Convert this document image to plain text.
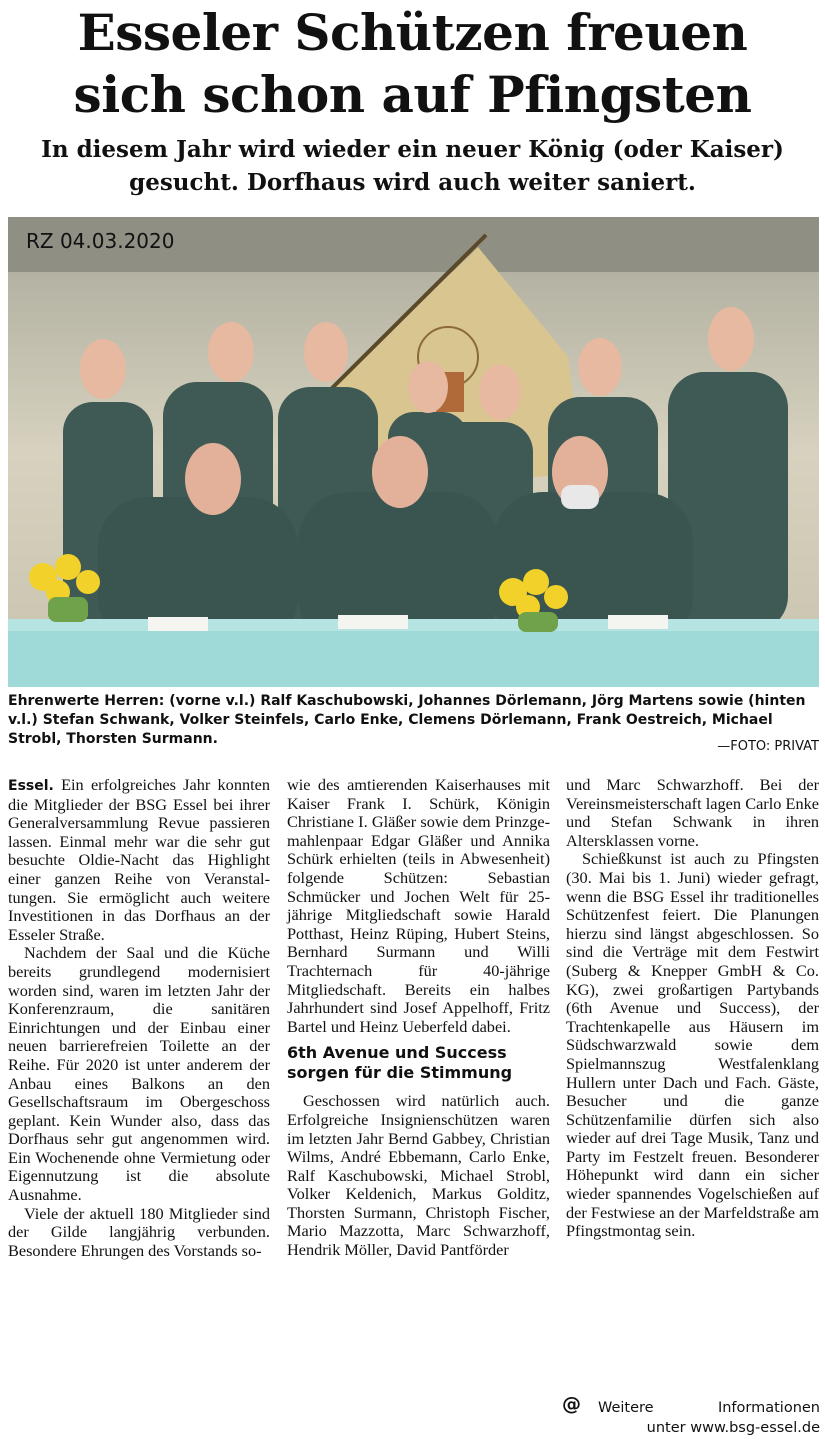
Esseler Schützen freuen
sich schon auf Pfingsten
In diesem Jahr wird wieder ein neuer König (oder Kaiser)
gesucht. Dorfhaus wird auch weiter saniert.
RZ 04.03.2020
Ehrenwerte Herren: (vorne v.l.) Ralf Kaschubowski, Johannes Dörlemann, Jörg Martens sowie (hinten v.l.) Stefan Schwank, Volker Steinfels, Carlo Enke, Clemens Dörlemann, Frank Oestreich, Michael Strobl, Thorsten Surmann.	—FOTO: PRIVAT

Essel. Ein erfolgreiches Jahr konnten die Mitglieder der BSG Essel bei ihrer Generalversammlung Revue passieren lassen. Einmal mehr war die sehr gut besuchte Oldie-Nacht das Highlight einer ganzen Reihe von Veranstaltungen. Sie ermöglicht auch weitere Investitionen in das Dorfhaus an der Esseler Straße.

Nachdem der Saal und die Küche bereits grundlegend modernisiert worden sind, waren im letzten Jahr der Konferenzraum, die sanitären Einrichtungen und der Einbau einer neuen barrierefreien Toilette an der Reihe. Für 2020 ist unter anderem der Anbau eines Balkons an den Gesellschaftsraum im Obergeschoss geplant. Kein Wunder also, dass das Dorfhaus sehr gut angenommen wird. Ein Wochenende ohne Vermietung oder Eigennutzung ist die absolute Ausnahme.

Viele der aktuell 180 Mitglieder sind der Gilde langjährig verbunden. Besondere Ehrungen des Vorstands so-

wie des amtierenden Kaiserhauses mit Kaiser Frank I. Schürk, Königin Christiane I. Gläßer sowie dem Prinzgemahlenpaar Edgar Gläßer und Annika Schürk erhielten (teils in Abwesenheit) folgende Schützen: Sebastian Schmücker und Jochen Welt für 25-jährige Mitgliedschaft sowie Harald Potthast, Heinz Rüping, Hubert Steins, Bernhard Surmann und Willi Trachternach für 40-jährige Mitgliedschaft. Bereits ein halbes Jahrhundert sind Josef Appelhoff, Fritz Bartel und Heinz Ueberfeld dabei.

6th Avenue und Success sorgen für die Stimmung

Geschossen wird natürlich auch. Erfolgreiche Insignienschützen waren im letzten Jahr Bernd Gabbey, Christian Wilms, André Ebbemann, Carlo Enke, Ralf Kaschubowski, Michael Strobl, Volker Keldenich, Markus Golditz, Thorsten Surmann, Christoph Fischer, Mario Mazzotta, Marc Schwarzhoff, Hendrik Möller, David Pantförder

und Marc Schwarzhoff. Bei der Vereinsmeisterschaft lagen Carlo Enke und Stefan Schwank in ihren Altersklassen vorne.

Schießkunst ist auch zu Pfingsten (30. Mai bis 1. Juni) wieder gefragt, wenn die BSG Essel ihr traditionelles Schützenfest feiert. Die Planungen hierzu sind längst abgeschlossen. So sind die Verträge mit dem Festwirt (Suberg & Knepper GmbH & Co. KG), zwei großartigen Partybands (6th Avenue und Success), der Trachtenkapelle aus Häusern im Südschwarzwald sowie dem Spielmannszug Westfalenklang Hullern unter Dach und Fach. Gäste, Besucher und die ganze Schützenfamilie dürfen sich also wieder auf drei Tage Musik, Tanz und Party im Festzelt freuen. Besonderer Höhepunkt wird dann ein sicher wieder spannendes Vogelschießen auf der Festwiese an der Marfeldstraße am Pfingstmontag sein.

@ Weitere Informationen
unter www.bsg-essel.de
